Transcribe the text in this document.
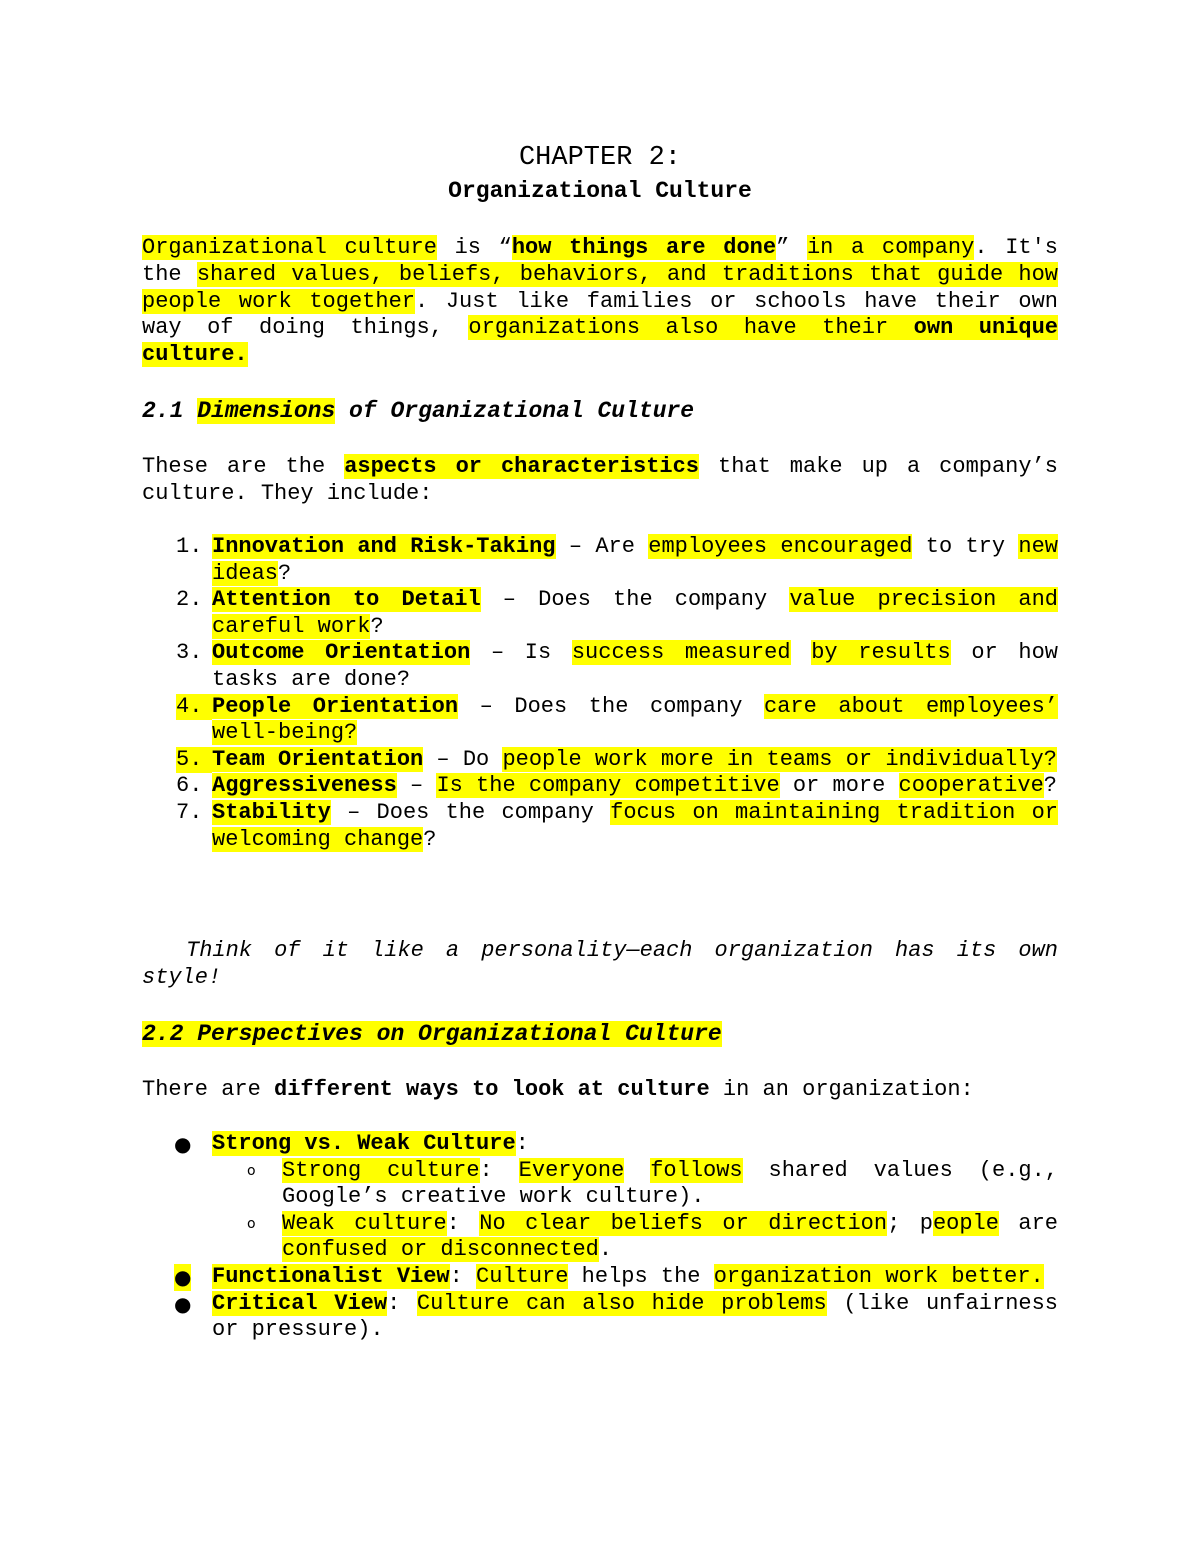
CHAPTER 2:
Organizational Culture

Organizational culture is “how things are done” in a company. It's the shared values, beliefs, behaviors, and traditions that guide how people work together. Just like families or schools have their own way of doing things, organizations also have their own unique culture.

2.1 Dimensions of Organizational Culture

These are the aspects or characteristics that make up a company’s culture. They include:

1. Innovation and Risk-Taking – Are employees encouraged to try new ideas?
2. Attention to Detail – Does the company value precision and careful work?
3. Outcome Orientation – Is success measured by results or how tasks are done?
4. People Orientation – Does the company care about employees’ well-being?
5. Team Orientation – Do people work more in teams or individually?
6. Aggressiveness – Is the company competitive or more cooperative?
7. Stability – Does the company focus on maintaining tradition or welcoming change?

Think of it like a personality—each organization has its own style!

2.2 Perspectives on Organizational Culture

There are different ways to look at culture in an organization:

● Strong vs. Weak Culture:
o Strong culture: Everyone follows shared values (e.g., Google’s creative work culture).
o Weak culture: No clear beliefs or direction; people are confused or disconnected.
● Functionalist View: Culture helps the organization work better.
● Critical View: Culture can also hide problems (like unfairness or pressure).
